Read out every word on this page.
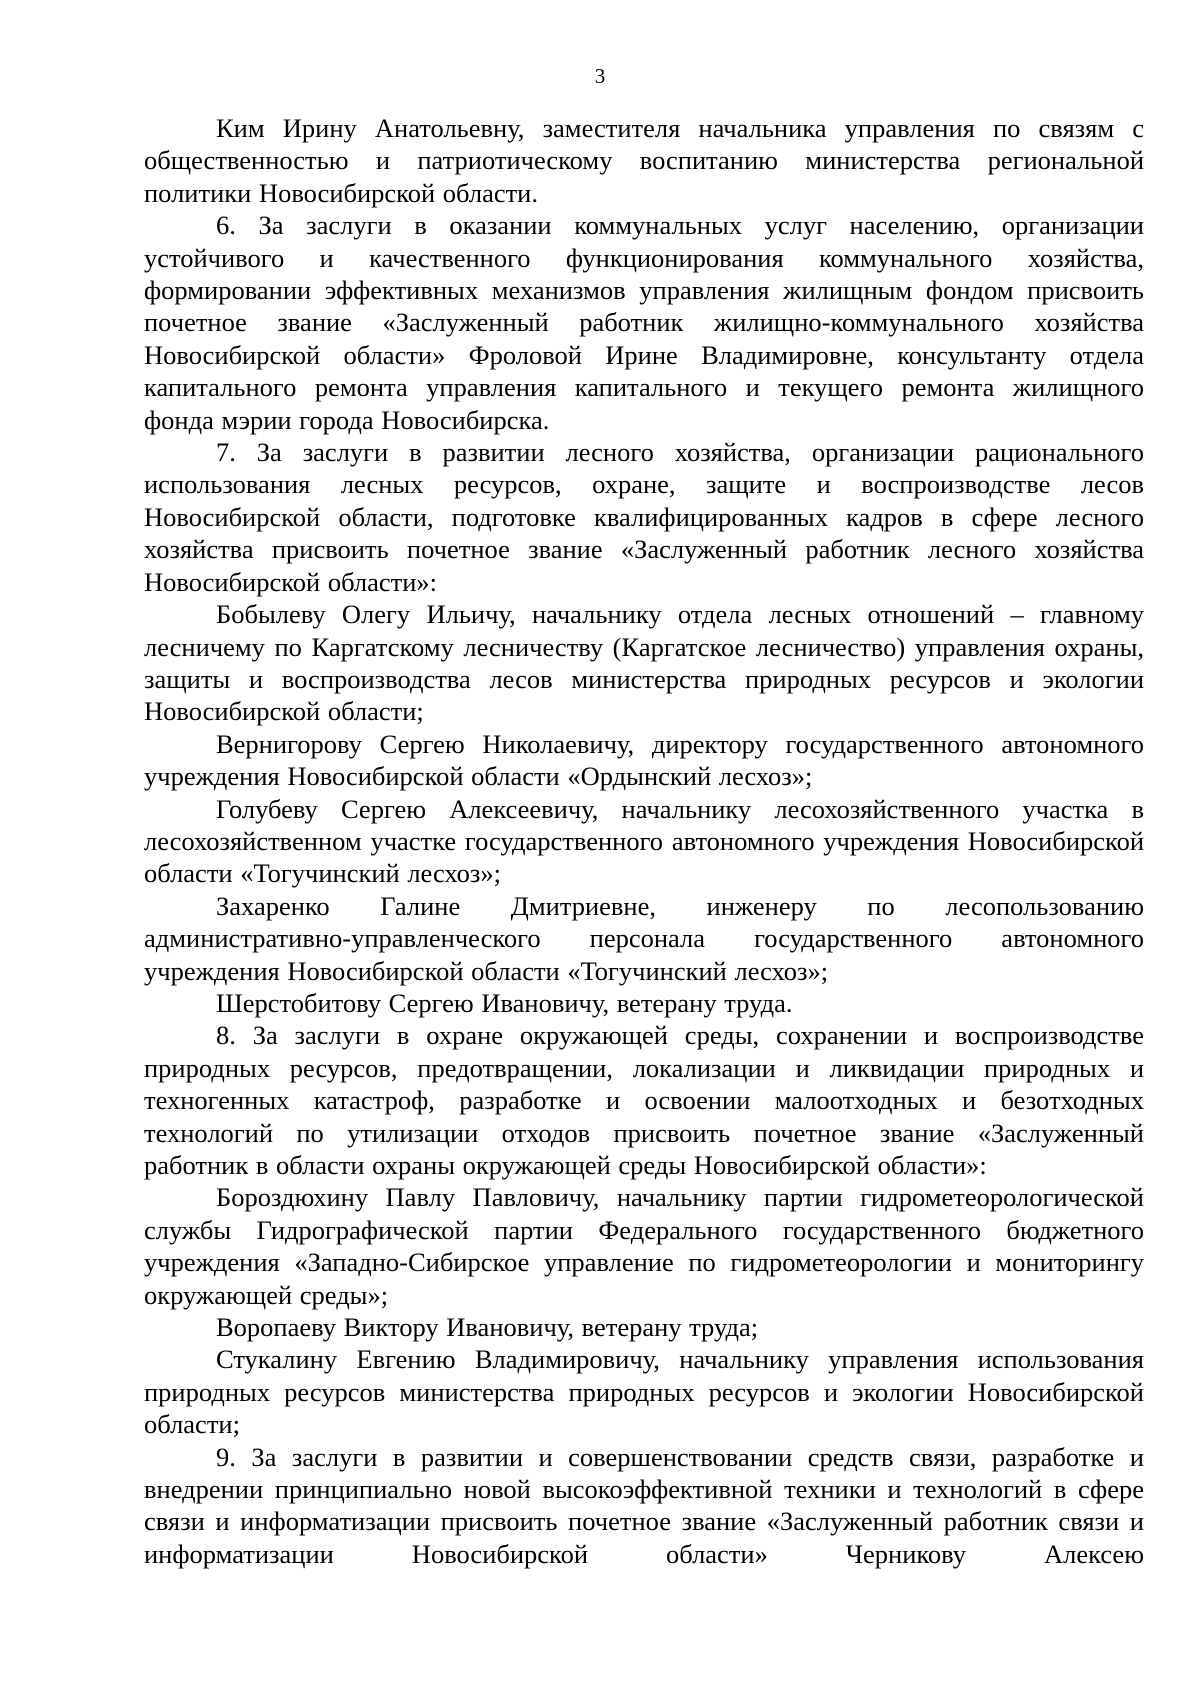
3

Ким Ирину Анатольевну, заместителя начальника управления по связям с общественностью и патриотическому воспитанию министерства региональной политики Новосибирской области.

6. За заслуги в оказании коммунальных услуг населению, организации устойчивого и качественного функционирования коммунального хозяйства, формировании эффективных механизмов управления жилищным фондом присвоить почетное звание «Заслуженный работник жилищно-коммунального хозяйства Новосибирской области» Фроловой Ирине Владимировне, консультанту отдела капитального ремонта управления капитального и текущего ремонта жилищного фонда мэрии города Новосибирска.

7. За заслуги в развитии лесного хозяйства, организации рационального использования лесных ресурсов, охране, защите и воспроизводстве лесов Новосибирской области, подготовке квалифицированных кадров в сфере лесного хозяйства присвоить почетное звание «Заслуженный работник лесного хозяйства Новосибирской области»:

Бобылеву Олегу Ильичу, начальнику отдела лесных отношений – главному лесничему по Каргатскому лесничеству (Каргатское лесничество) управления охраны, защиты и воспроизводства лесов министерства природных ресурсов и экологии Новосибирской области;

Вернигорову Сергею Николаевичу, директору государственного автономного учреждения Новосибирской области «Ордынский лесхоз»;

Голубеву Сергею Алексеевичу, начальнику лесохозяйственного участка в лесохозяйственном участке государственного автономного учреждения Новосибирской области «Тогучинский лесхоз»;

Захаренко Галине Дмитриевне, инженеру по лесопользованию административно-управленческого персонала государственного автономного учреждения Новосибирской области «Тогучинский лесхоз»;

Шерстобитову Сергею Ивановичу, ветерану труда.

8. За заслуги в охране окружающей среды, сохранении и воспроизводстве природных ресурсов, предотвращении, локализации и ликвидации природных и техногенных катастроф, разработке и освоении малоотходных и безотходных технологий по утилизации отходов присвоить почетное звание «Заслуженный работник в области охраны окружающей среды Новосибирской области»:

Бороздюхину Павлу Павловичу, начальнику партии гидрометеорологической службы Гидрографической партии Федерального государственного бюджетного учреждения «Западно-Сибирское управление по гидрометеорологии и мониторингу окружающей среды»;

Воропаеву Виктору Ивановичу, ветерану труда;

Стукалину Евгению Владимировичу, начальнику управления использования природных ресурсов министерства природных ресурсов и экологии Новосибирской области;

9. За заслуги в развитии и совершенствовании средств связи, разработке и внедрении принципиально новой высокоэффективной техники и технологий в сфере связи и информатизации присвоить почетное звание «Заслуженный работник связи и информатизации Новосибирской области» Черникову Алексею
